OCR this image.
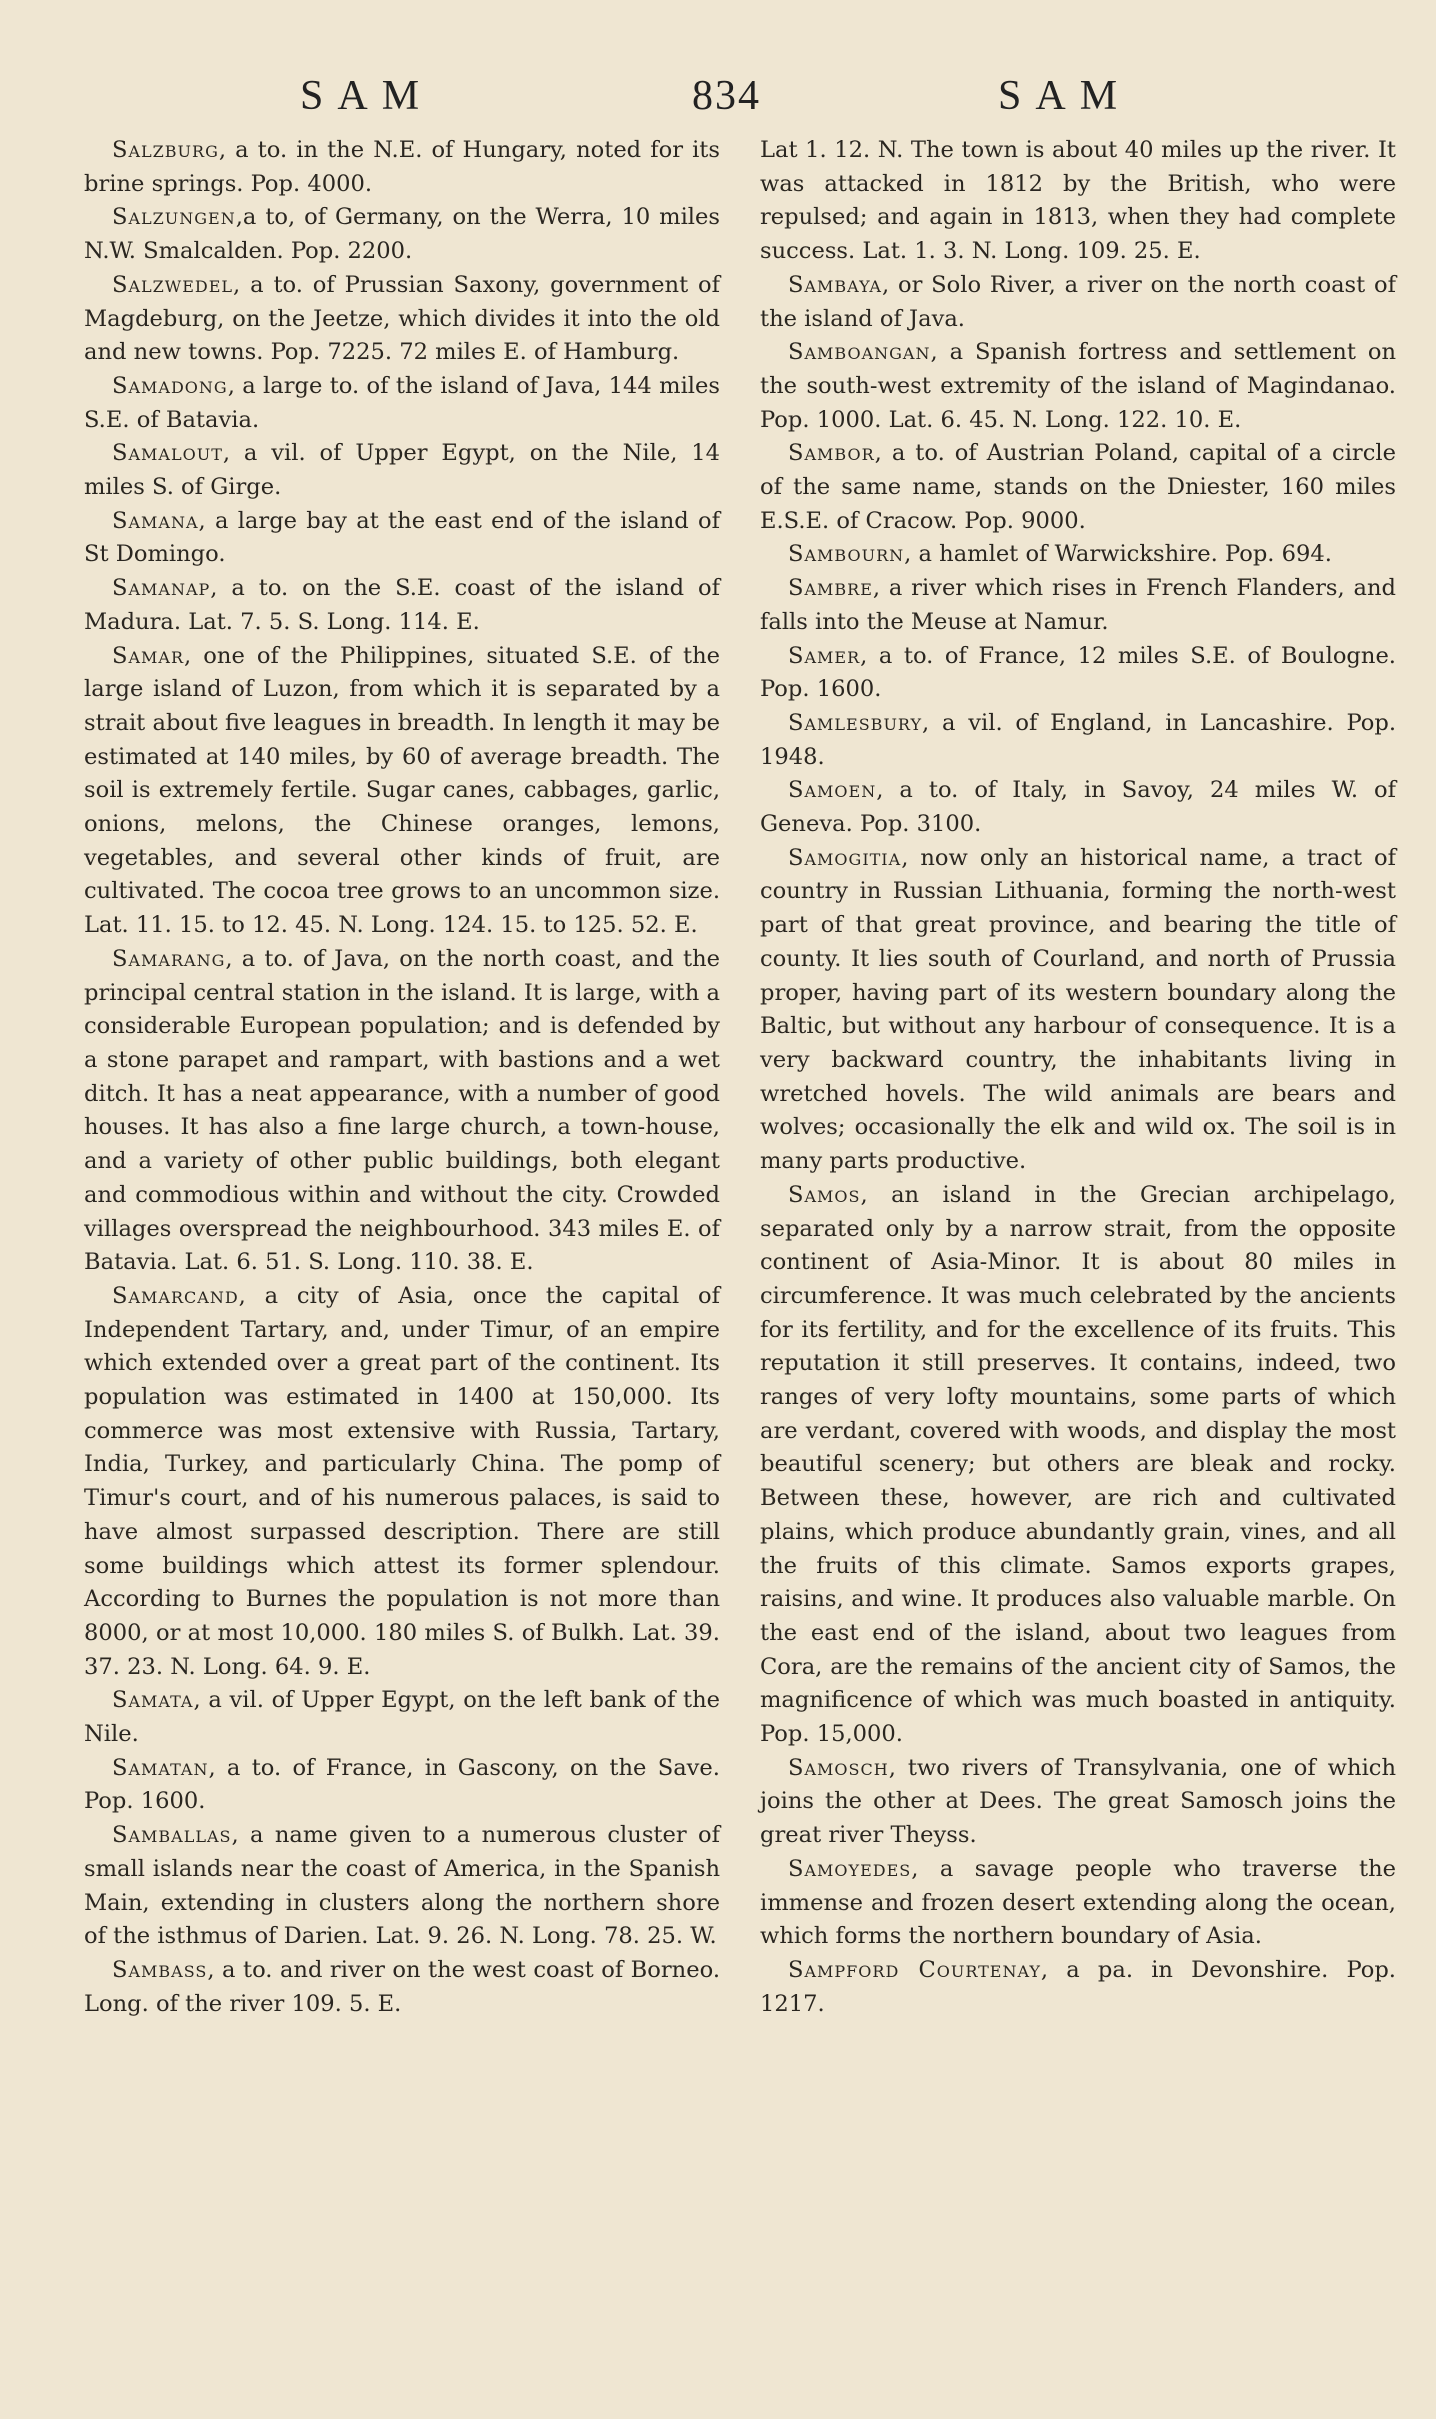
SAM	834	SAM

Salzburg, a to. in the N.E. of Hungary, noted for its brine springs. Pop. 4000.

Salzungen,a to, of Germany, on the Werra, 10 miles N.W. Smalcalden. Pop. 2200.

Salzwedel, a to. of Prussian Saxony, government of Magdeburg, on the Jeetze, which divides it into the old and new towns. Pop. 7225. 72 miles E. of Hamburg.

Samadong, a large to. of the island of Java, 144 miles S.E. of Batavia.

Samalout, a vil. of Upper Egypt, on the Nile, 14 miles S. of Girge.

Samana, a large bay at the east end of the island of St Domingo.

Samanap, a to. on the S.E. coast of the island of Madura. Lat. 7. 5. S. Long. 114. E.

Samar, one of the Philippines, situated S.E. of the large island of Luzon, from which it is separated by a strait about five leagues in breadth. In length it may be estimated at 140 miles, by 60 of average breadth. The soil is extremely fertile. Sugar canes, cabbages, garlic, onions, melons, the Chinese oranges, lemons, vegetables, and several other kinds of fruit, are cultivated. The cocoa tree grows to an uncommon size. Lat. 11. 15. to 12. 45. N. Long. 124. 15. to 125. 52. E.

Samarang, a to. of Java, on the north coast, and the principal central station in the island. It is large, with a considerable European population; and is defended by a stone parapet and rampart, with bastions and a wet ditch. It has a neat appearance, with a number of good houses. It has also a fine large church, a town-house, and a variety of other public buildings, both elegant and commodious within and without the city. Crowded villages overspread the neighbourhood. 343 miles E. of Batavia. Lat. 6. 51. S. Long. 110. 38. E.

Samarcand, a city of Asia, once the capital of Independent Tartary, and, under Timur, of an empire which extended over a great part of the continent. Its population was estimated in 1400 at 150,000. Its commerce was most extensive with Russia, Tartary, India, Turkey, and particularly China. The pomp of Timur's court, and of his numerous palaces, is said to have almost surpassed description. There are still some buildings which attest its former splendour. According to Burnes the population is not more than 8000, or at most 10,000. 180 miles S. of Bulkh. Lat. 39. 37. 23. N. Long. 64. 9. E.

Samata, a vil. of Upper Egypt, on the left bank of the Nile.

Samatan, a to. of France, in Gascony, on the Save. Pop. 1600.

Samballas, a name given to a numerous cluster of small islands near the coast of America, in the Spanish Main, extending in clusters along the northern shore of the isthmus of Darien. Lat. 9. 26. N. Long. 78. 25. W.

Sambass, a to. and river on the west coast of Borneo. Long. of the river 109. 5. E.

Lat 1. 12. N. The town is about 40 miles up the river. It was attacked in 1812 by the British, who were repulsed; and again in 1813, when they had complete success. Lat. 1. 3. N. Long. 109. 25. E.

Sambaya, or Solo River, a river on the north coast of the island of Java.

Samboangan, a Spanish fortress and settlement on the south-west extremity of the island of Magindanao. Pop. 1000. Lat. 6. 45. N. Long. 122. 10. E.

Sambor, a to. of Austrian Poland, capital of a circle of the same name, stands on the Dniester, 160 miles E.S.E. of Cracow. Pop. 9000.

Sambourn, a hamlet of Warwickshire. Pop. 694.

Sambre, a river which rises in French Flanders, and falls into the Meuse at Namur.

Samer, a to. of France, 12 miles S.E. of Boulogne. Pop. 1600.

Samlesbury, a vil. of England, in Lancashire. Pop. 1948.

Samoen, a to. of Italy, in Savoy, 24 miles W. of Geneva. Pop. 3100.

Samogitia, now only an historical name, a tract of country in Russian Lithuania, forming the north-west part of that great province, and bearing the title of county. It lies south of Courland, and north of Prussia proper, having part of its western boundary along the Baltic, but without any harbour of consequence. It is a very backward country, the inhabitants living in wretched hovels. The wild animals are bears and wolves; occasionally the elk and wild ox. The soil is in many parts productive.

Samos, an island in the Grecian archipelago, separated only by a narrow strait, from the opposite continent of Asia-Minor. It is about 80 miles in circumference. It was much celebrated by the ancients for its fertility, and for the excellence of its fruits. This reputation it still preserves. It contains, indeed, two ranges of very lofty mountains, some parts of which are verdant, covered with woods, and display the most beautiful scenery; but others are bleak and rocky. Between these, however, are rich and cultivated plains, which produce abundantly grain, vines, and all the fruits of this climate. Samos exports grapes, raisins, and wine. It produces also valuable marble. On the east end of the island, about two leagues from Cora, are the remains of the ancient city of Samos, the magnificence of which was much boasted in antiquity. Pop. 15,000.

Samosch, two rivers of Transylvania, one of which joins the other at Dees. The great Samosch joins the great river Theyss.

Samoyedes, a savage people who traverse the immense and frozen desert extending along the ocean, which forms the northern boundary of Asia.

Sampford Courtenay, a pa. in Devonshire. Pop. 1217.
